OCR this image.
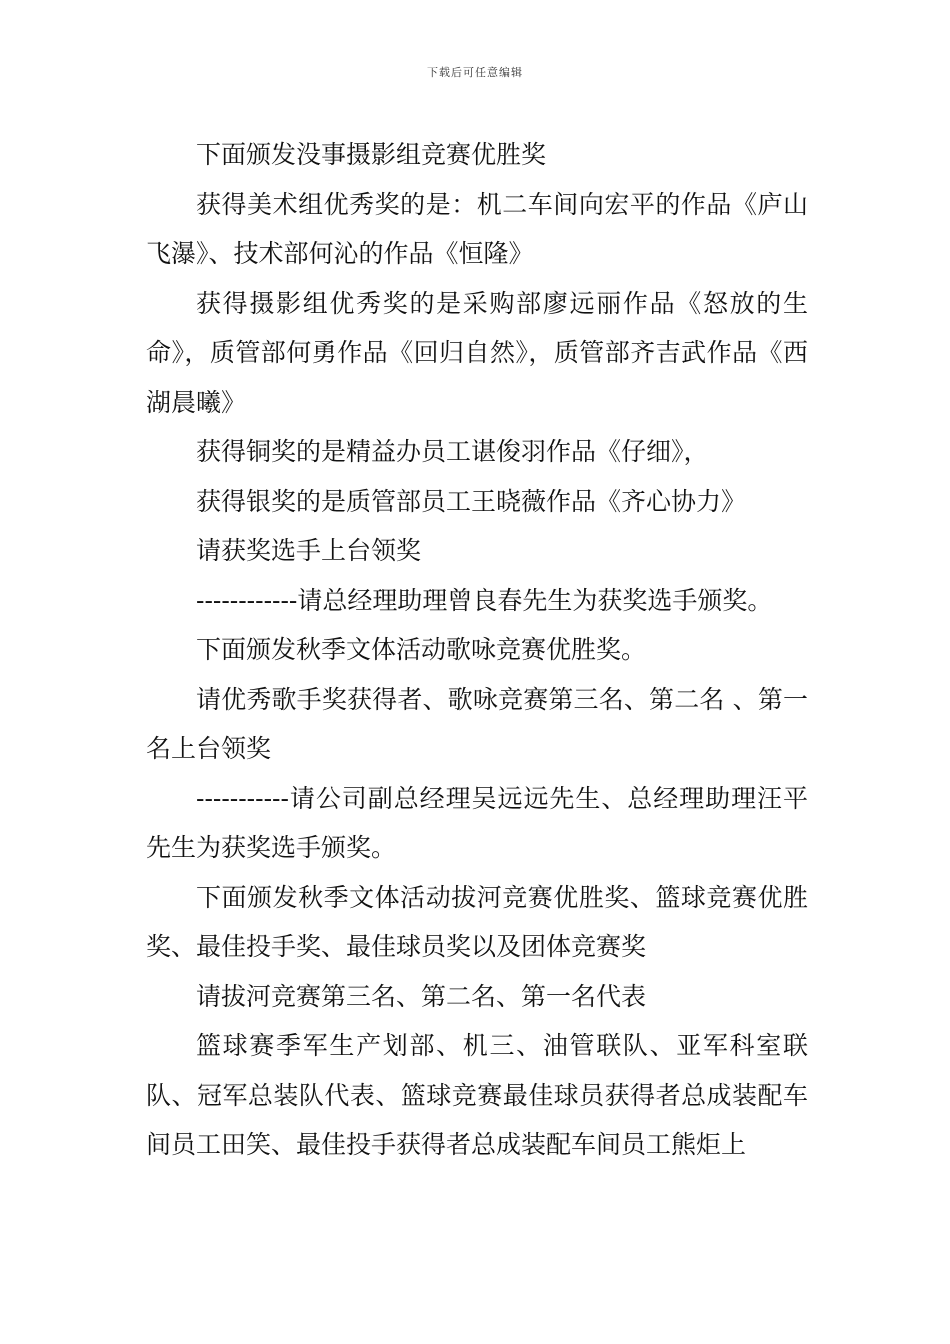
下载后可任意编辑

下面颁发没事摄影组竞赛优胜奖

获得美术组优秀奖的是：机二车间向宏平的作品《庐山飞瀑》、技术部何沁的作品《恒隆》

获得摄影组优秀奖的是采购部廖远丽作品《怒放的生命》，质管部何勇作品《回归自然》，质管部齐吉武作品《西湖晨曦》

获得铜奖的是精益办员工谌俊羽作品《仔细》，

获得银奖的是质管部员工王晓薇作品《齐心协力》

请获奖选手上台领奖

------------请总经理助理曾良春先生为获奖选手颁奖。

下面颁发秋季文体活动歌咏竞赛优胜奖。

请优秀歌手奖获得者、歌咏竞赛第三名、第二名 、第一名上台领奖

-----------请公司副总经理吴远远先生、总经理助理汪平先生为获奖选手颁奖。

下面颁发秋季文体活动拔河竞赛优胜奖、篮球竞赛优胜奖、最佳投手奖、最佳球员奖以及团体竞赛奖

请拔河竞赛第三名、第二名、第一名代表

篮球赛季军生产划部、机三、油管联队、亚军科室联队、冠军总装队代表、篮球竞赛最佳球员获得者总成装配车间员工田笑、最佳投手获得者总成装配车间员工熊炬上
